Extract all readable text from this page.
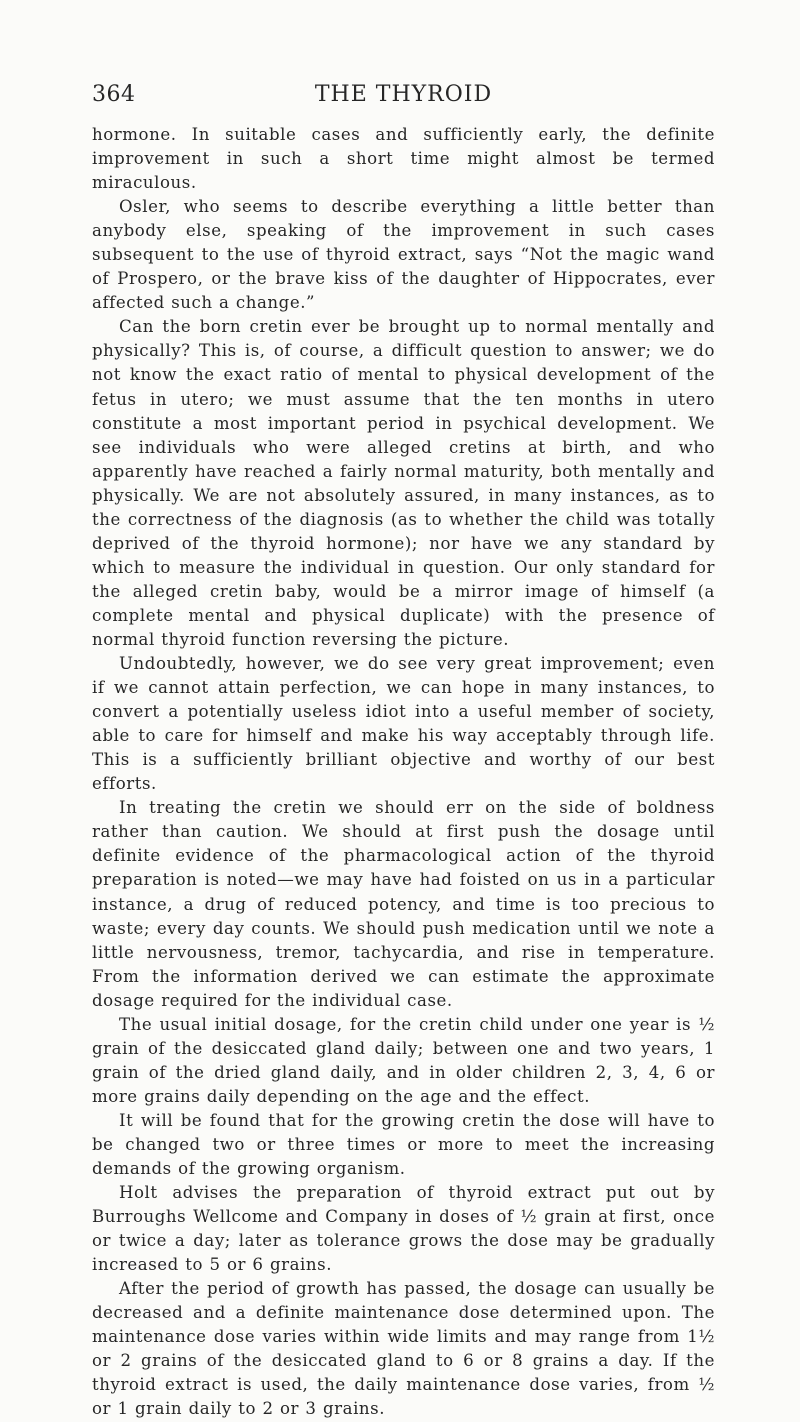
364	THE THYROID

hormone. In suitable cases and sufficiently early, the definite improvement in such a short time might almost be termed miraculous.

Osler, who seems to describe everything a little better than anybody else, speaking of the improvement in such cases subsequent to the use of thyroid extract, says “Not the magic wand of Prospero, or the brave kiss of the daughter of Hippocrates, ever affected such a change.”

Can the born cretin ever be brought up to normal mentally and physically? This is, of course, a difficult question to answer; we do not know the exact ratio of mental to physical development of the fetus in utero; we must assume that the ten months in utero constitute a most important period in psychical development. We see individuals who were alleged cretins at birth, and who apparently have reached a fairly normal maturity, both mentally and physically. We are not absolutely assured, in many instances, as to the correctness of the diagnosis (as to whether the child was totally deprived of the thyroid hormone); nor have we any standard by which to measure the individual in question. Our only standard for the alleged cretin baby, would be a mirror image of himself (a complete mental and physical duplicate) with the presence of normal thyroid function reversing the picture.

Undoubtedly, however, we do see very great improvement; even if we cannot attain perfection, we can hope in many instances, to convert a potentially useless idiot into a useful member of society, able to care for himself and make his way acceptably through life. This is a sufficiently brilliant objective and worthy of our best efforts.

In treating the cretin we should err on the side of boldness rather than caution. We should at first push the dosage until definite evidence of the pharmacological action of the thyroid preparation is noted—we may have had foisted on us in a particular instance, a drug of reduced potency, and time is too precious to waste; every day counts. We should push medication until we note a little nervousness, tremor, tachycardia, and rise in temperature. From the information derived we can estimate the approximate dosage required for the individual case.

The usual initial dosage, for the cretin child under one year is ½ grain of the desiccated gland daily; between one and two years, 1 grain of the dried gland daily, and in older children 2, 3, 4, 6 or more grains daily depending on the age and the effect.

It will be found that for the growing cretin the dose will have to be changed two or three times or more to meet the increasing demands of the growing organism.

Holt advises the preparation of thyroid extract put out by Burroughs Wellcome and Company in doses of ½ grain at first, once or twice a day; later as tolerance grows the dose may be gradually increased to 5 or 6 grains.

After the period of growth has passed, the dosage can usually be decreased and a definite maintenance dose determined upon. The maintenance dose varies within wide limits and may range from 1½ or 2 grains of the desiccated gland to 6 or 8 grains a day. If the thyroid extract is used, the daily maintenance dose varies, from ½ or 1 grain daily to 2 or 3 grains.
